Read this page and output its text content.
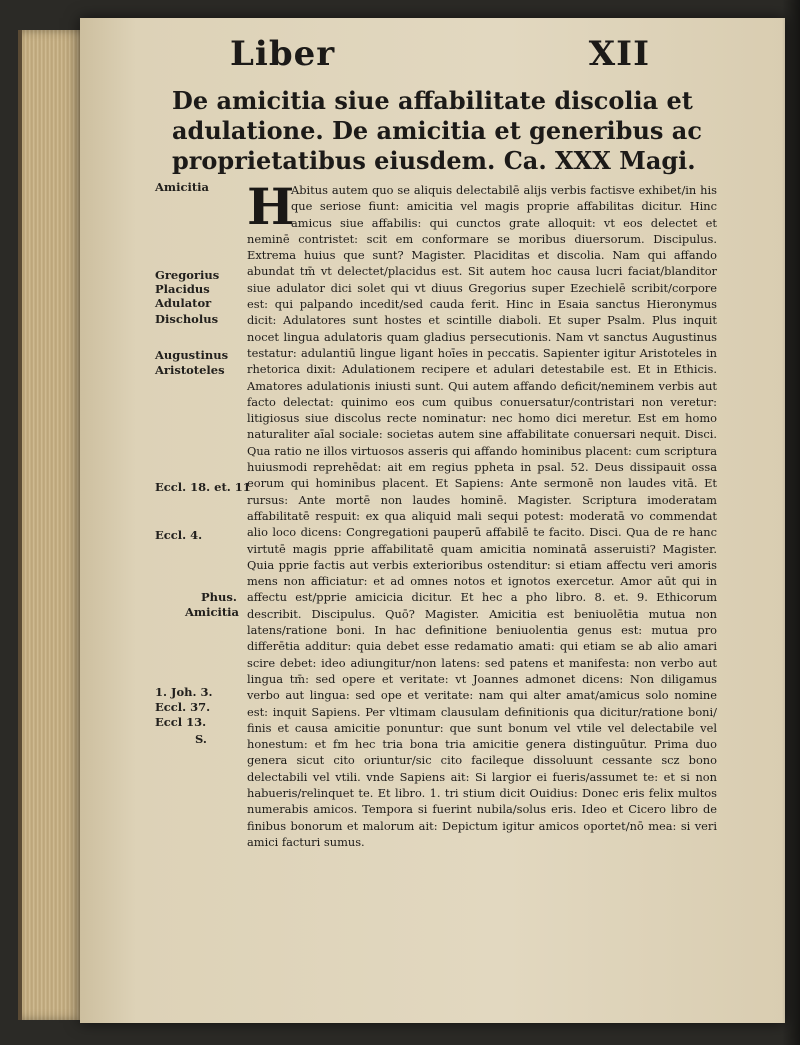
Liber	XII
De amicitia siue affabilitate discolia et adulatione. De amicitia et generibus ac proprietatibus eiusdem. Ca. XXX Magi.
Amicitia
Gregorius
Placidus
Adulator
Discholus
Augustinus
Aristoteles
Eccl. 18. et. 11
Eccl. 4.
Phus.
Amicitia
1. Joh. 3.
Eccl. 37.
Eccl 13.
S.
H

Abitus autem quo se aliquis delectabilē alijs verbis factisve exhibet/in his que seriose fiunt: amicitia vel magis proprie affabilitas dicitur. Hinc amicus siue affabilis: qui cunctos grate alloquit: vt eos delectet et neminē contristet: scit em conformare se moribus diuersorum. Discipulus. Extrema huius que sunt? Magister. Placiditas et discolia. Nam qui affando abundat tm̄ vt delectet/placidus est. Sit autem hoc causa lucri faciat/blanditor siue adulator dici solet qui vt diuus Gregorius super Ezechielē scribit/corpore est: qui palpando incedit/sed cauda ferit. Hinc in Esaia sanctus Hieronymus dicit: Adulatores sunt hostes et scintille diaboli. Et super Psalm. Plus inquit nocet lingua adulatoris quam gladius persecutionis. Nam vt sanctus Augustinus testatur: adulantiū lingue ligant hoīes in peccatis. Sapienter igitur Aristoteles in rhetorica dixit: Adulationem recipere et adulari detestabile est. Et in Ethicis. Amatores adulationis iniusti sunt. Qui autem affando deficit/neminem verbis aut facto delectat: quinimo eos cum quibus conuersatur/contristari non veretur: litigiosus siue discolus recte nominatur: nec homo dici meretur. Est em homo naturaliter aīal sociale: societas autem sine affabilitate conuersari nequit. Disci. Qua ratio ne illos virtuosos asseris qui affando hominibus placent: cum scriptura huiusmodi reprehēdat: ait em regius ppheta in psal. 52. Deus dissipauit ossa eorum qui hominibus placent. Et Sapiens: Ante sermonē non laudes vitā. Et rursus: Ante mortē non laudes hominē. Magister. Scriptura imoderatam affabilitatē respuit: ex qua aliquid mali sequi potest: moderatā vo commendat alio loco dicens: Congregationi pauperū affabilē te facito. Disci. Qua de re hanc virtutē magis pprie affabilitatē quam amicitia nominatā asseruisti? Magister. Quia pprie factis aut verbis exterioribus ostenditur: si etiam affectu veri amoris mens non afficiatur: et ad omnes notos et ignotos exercetur. Amor aūt qui in affectu est/pprie amicicia dicitur. Et hec a pho libro. 8. et. 9. Ethicorum describit. Discipulus. Quō? Magister. Amicitia est beniuolētia mutua non latens/ratione boni. In hac definitione beniuolentia genus est: mutua pro differētia additur: quia debet esse redamatio amati: qui etiam se ab alio amari scire debet: ideo adiungitur/non latens: sed patens et manifesta: non verbo aut lingua tm̄: sed opere et veritate: vt Joannes admonet dicens: Non diligamus verbo aut lingua: sed ope et veritate: nam qui alter amat/amicus solo nomine est: inquit Sapiens. Per vltimam clausulam definitionis qua dicitur/ratione boni/ finis et causa amicitie ponuntur: que sunt bonum vel vtile vel delectabile vel honestum: et fm hec tria bona tria amicitie genera distinguūtur. Prima duo genera sicut cito oriuntur/sic cito facileque dissoluunt cessante scz bono delectabili vel vtili. vnde Sapiens ait: Si largior ei fueris/assumet te: et si non habueris/relinquet te. Et libro. 1. tri stium dicit Ouidius: Donec eris felix multos numerabis amicos. Tempora si fuerint nubila/solus eris. Ideo et Cicero libro de finibus bonorum et malorum ait: Depictum igitur amicos oportet/nō mea: si veri amici facturi sumus.
